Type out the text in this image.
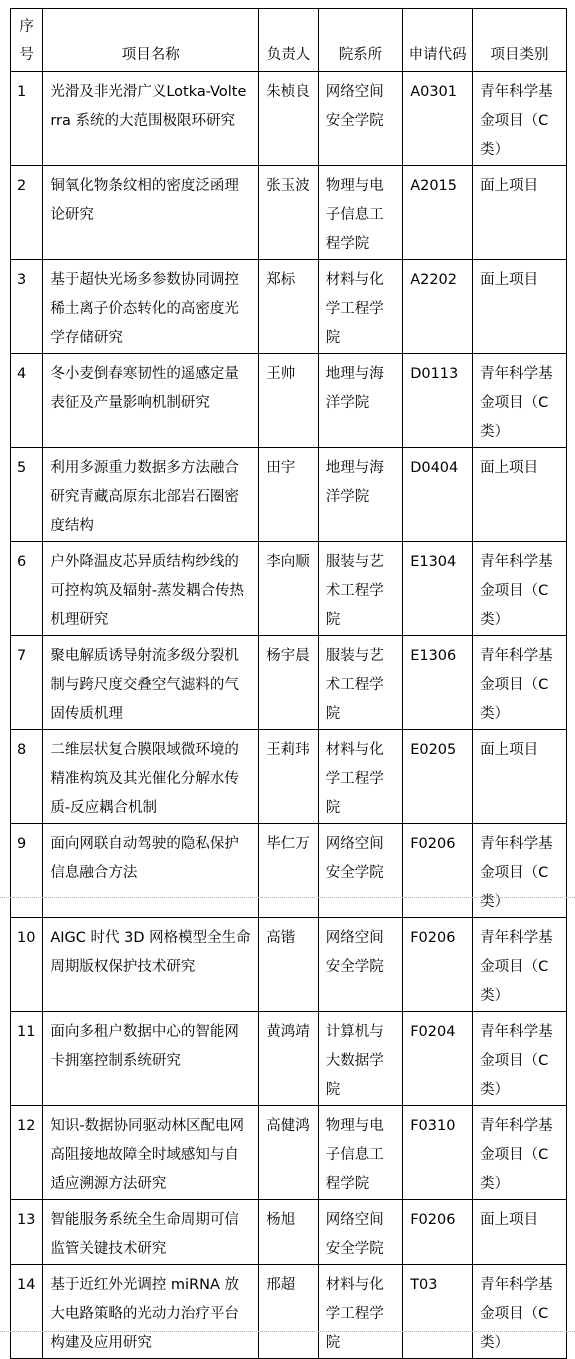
序号	项目名称	负责人	院系所	申请代码	项目类别
1	光滑及非光滑广义Lotka-Volterra 系统的大范围极限环研究	朱桢良	网络空间安全学院	A0301	青年科学基金项目（C类）
2	铜氧化物条纹相的密度泛函理论研究	张玉波	物理与电子信息工程学院	A2015	面上项目
3	基于超快光场多参数协同调控稀土离子价态转化的高密度光学存储研究	郑标	材料与化学工程学院	A2202	面上项目
4	冬小麦倒春寒韧性的遥感定量表征及产量影响机制研究	王帅	地理与海洋学院	D0113	青年科学基金项目（C类）
5	利用多源重力数据多方法融合研究青藏高原东北部岩石圈密度结构	田宇	地理与海洋学院	D0404	面上项目
6	户外降温皮芯异质结构纱线的可控构筑及辐射-蒸发耦合传热机理研究	李向顺	服装与艺术工程学院	E1304	青年科学基金项目（C类）
7	聚电解质诱导射流多级分裂机制与跨尺度交叠空气滤料的气固传质机理	杨宇晨	服装与艺术工程学院	E1306	青年科学基金项目（C类）
8	二维层状复合膜限域微环境的精准构筑及其光催化分解水传质-反应耦合机制	王莉玮	材料与化学工程学院	E0205	面上项目
9	面向网联自动驾驶的隐私保护信息融合方法	毕仁万	网络空间安全学院	F0206	青年科学基金项目（C类）
10	AIGC 时代 3D 网格模型全生命周期版权保护技术研究	高锴	网络空间安全学院	F0206	青年科学基金项目（C类）
11	面向多租户数据中心的智能网卡拥塞控制系统研究	黄鸿靖	计算机与大数据学院	F0204	青年科学基金项目（C类）
12	知识-数据协同驱动林区配电网高阻接地故障全时域感知与自适应溯源方法研究	高健鸿	物理与电子信息工程学院	F0310	青年科学基金项目（C类）
13	智能服务系统全生命周期可信监管关键技术研究	杨旭	网络空间安全学院	F0206	面上项目
14	基于近红外光调控 miRNA 放大电路策略的光动力治疗平台构建及应用研究	邢超	材料与化学工程学院	T03	青年科学基金项目（C类）
